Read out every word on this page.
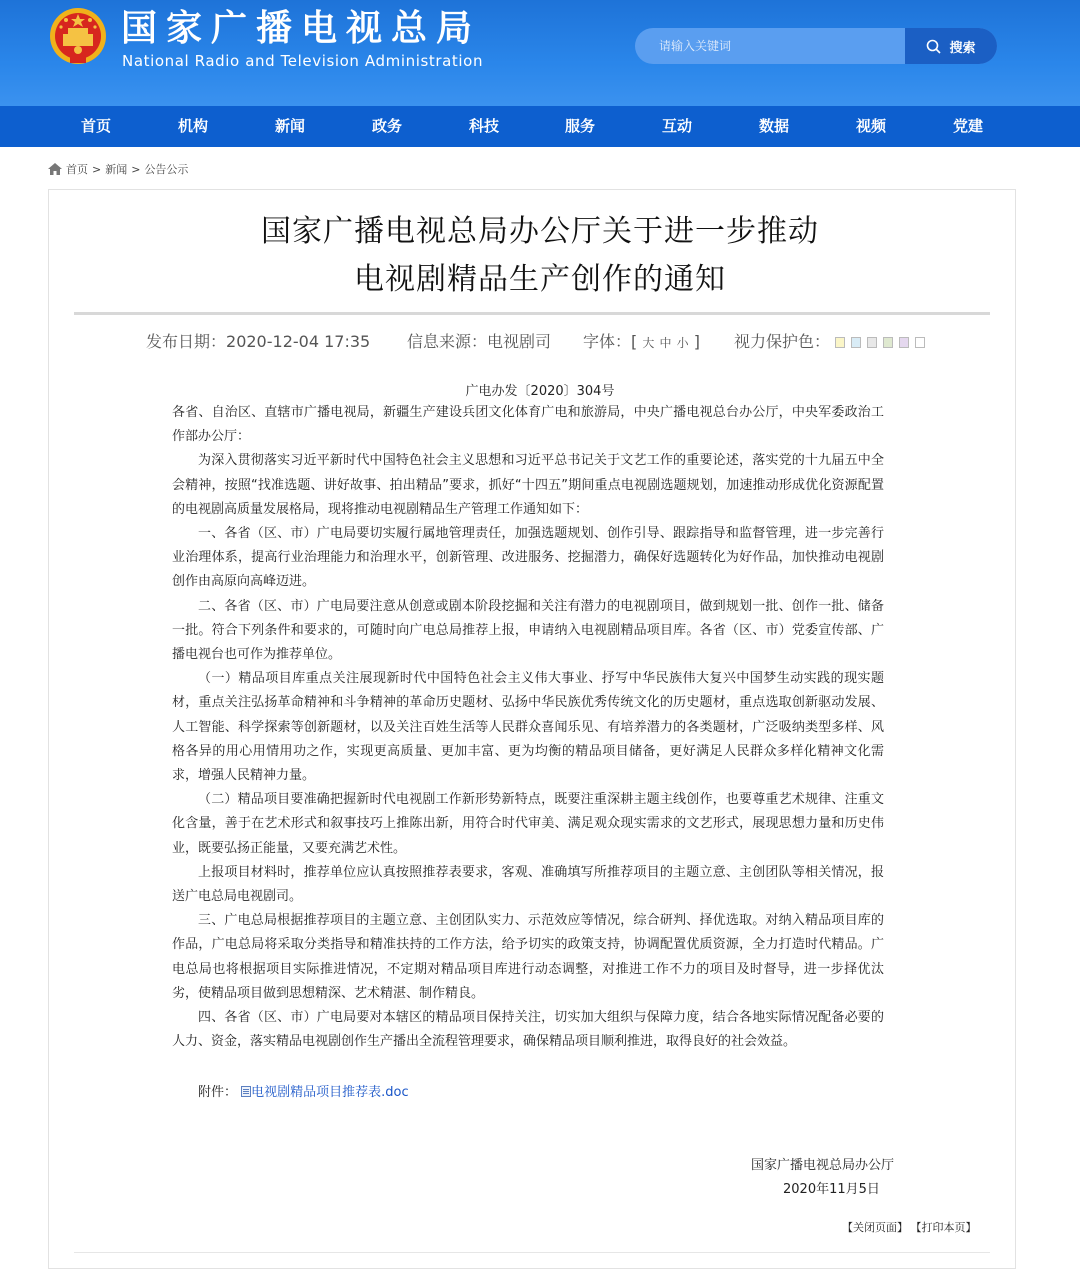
国家广播电视总局
National Radio and Television Administration
请输入关键词
搜索
首页	机构	新闻	政务	科技	服务	互动	数据	视频	党建
首页 > 新闻 > 公告公示
国家广播电视总局办公厅关于进一步推动
电视剧精品生产创作的通知
发布日期：2020-12-04 17:35 信息来源：电视剧司 字体：[ 大 中 小 ] 视力保护色：
广电办发〔2020〕304号

各省、自治区、直辖市广播电视局，新疆生产建设兵团文化体育广电和旅游局，中央广播电视总台办公厅，中央军委政治工作部办公厅：

为深入贯彻落实习近平新时代中国特色社会主义思想和习近平总书记关于文艺工作的重要论述，落实党的十九届五中全会精神，按照“找准选题、讲好故事、拍出精品”要求，抓好“十四五”期间重点电视剧选题规划，加速推动形成优化资源配置的电视剧高质量发展格局，现将推动电视剧精品生产管理工作通知如下：

一、各省（区、市）广电局要切实履行属地管理责任，加强选题规划、创作引导、跟踪指导和监督管理，进一步完善行业治理体系，提高行业治理能力和治理水平，创新管理、改进服务、挖掘潜力，确保好选题转化为好作品，加快推动电视剧创作由高原向高峰迈进。

二、各省（区、市）广电局要注意从创意或剧本阶段挖掘和关注有潜力的电视剧项目，做到规划一批、创作一批、储备一批。符合下列条件和要求的，可随时向广电总局推荐上报，申请纳入电视剧精品项目库。各省（区、市）党委宣传部、广播电视台也可作为推荐单位。

（一）精品项目库重点关注展现新时代中国特色社会主义伟大事业、抒写中华民族伟大复兴中国梦生动实践的现实题材，重点关注弘扬革命精神和斗争精神的革命历史题材、弘扬中华民族优秀传统文化的历史题材，重点选取创新驱动发展、人工智能、科学探索等创新题材，以及关注百姓生活等人民群众喜闻乐见、有培养潜力的各类题材，广泛吸纳类型多样、风格各异的用心用情用功之作，实现更高质量、更加丰富、更为均衡的精品项目储备，更好满足人民群众多样化精神文化需求，增强人民精神力量。

（二）精品项目要准确把握新时代电视剧工作新形势新特点，既要注重深耕主题主线创作，也要尊重艺术规律、注重文化含量，善于在艺术形式和叙事技巧上推陈出新，用符合时代审美、满足观众现实需求的文艺形式，展现思想力量和历史伟业，既要弘扬正能量，又要充满艺术性。

上报项目材料时，推荐单位应认真按照推荐表要求，客观、准确填写所推荐项目的主题立意、主创团队等相关情况，报送广电总局电视剧司。

三、广电总局根据推荐项目的主题立意、主创团队实力、示范效应等情况，综合研判、择优选取。对纳入精品项目库的作品，广电总局将采取分类指导和精准扶持的工作方法，给予切实的政策支持，协调配置优质资源，全力打造时代精品。广电总局也将根据项目实际推进情况，不定期对精品项目库进行动态调整，对推进工作不力的项目及时督导，进一步择优汰劣，使精品项目做到思想精深、艺术精湛、制作精良。

四、各省（区、市）广电局要对本辖区的精品项目保持关注，切实加大组织与保障力度，结合各地实际情况配备必要的人力、资金，落实精品电视剧创作生产播出全流程管理要求，确保精品项目顺利推进，取得良好的社会效益。

附件： 电视剧精品项目推荐表.doc
国家广播电视总局办公厅
2020年11月5日
【关闭页面】 【打印本页】
